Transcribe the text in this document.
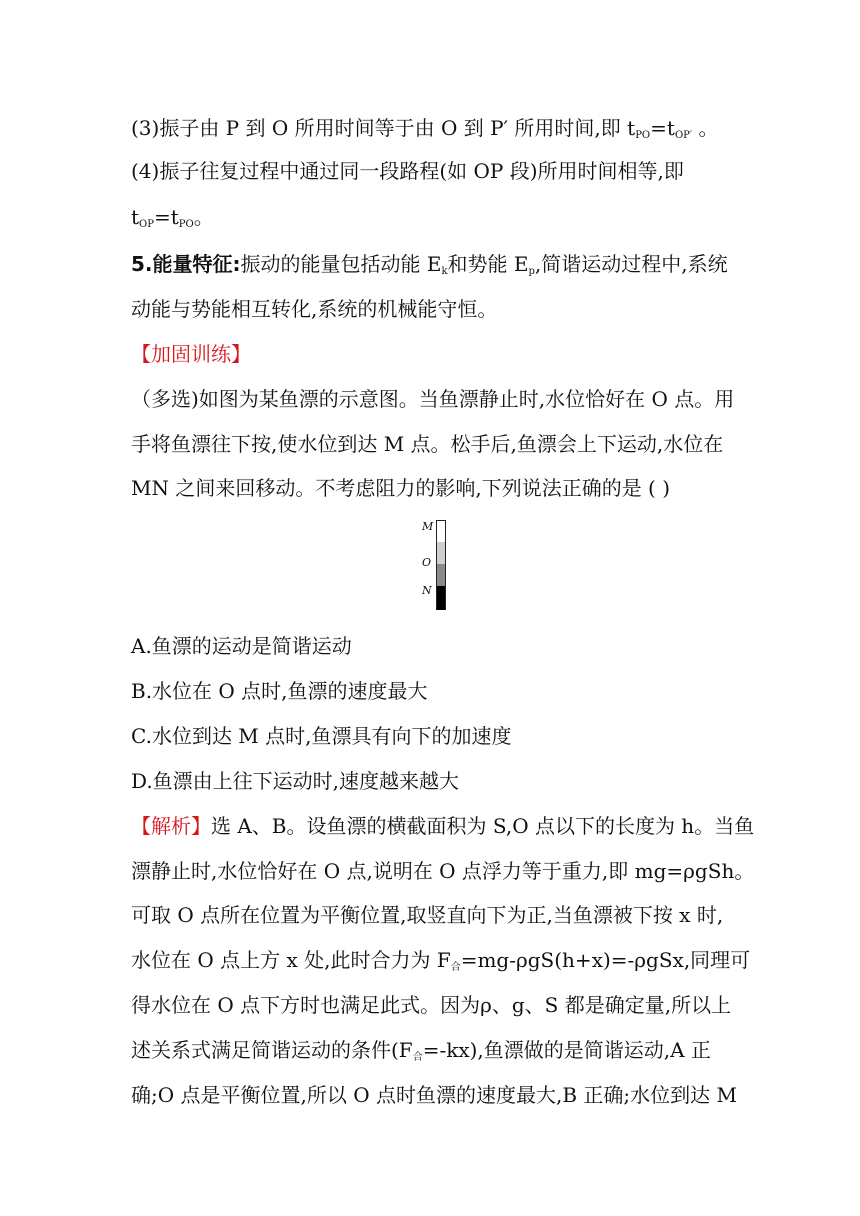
(3)振子由 P 到 O 所用时间等于由 O 到 P′ 所用时间,即 $t_{PO}=t_{OP'}$ 。
(4)振子往复过程中通过同一段路程(如 OP 段)所用时间相等,即
$t_{OP}=t_{PO}$。
5.能量特征:振动的能量包括动能 $E_k$和势能 $E_p$,简谐运动过程中,系统
动能与势能相互转化,系统的机械能守恒。
【加固训练】
（多选)如图为某鱼漂的示意图。当鱼漂静止时,水位恰好在 O 点。用
手将鱼漂往下按,使水位到达 M 点。松手后,鱼漂会上下运动,水位在
MN 之间来回移动。不考虑阻力的影响,下列说法正确的是 ( )
M
O
N
A.鱼漂的运动是简谐运动
B.水位在 O 点时,鱼漂的速度最大
C.水位到达 M 点时,鱼漂具有向下的加速度
D.鱼漂由上往下运动时,速度越来越大
【解析】选 A、B。设鱼漂的横截面积为 S,O 点以下的长度为 h。当鱼
漂静止时,水位恰好在 O 点,说明在 O 点浮力等于重力,即 mg=ρgSh。
可取 O 点所在位置为平衡位置,取竖直向下为正,当鱼漂被下按 x 时,
水位在 O 点上方 x 处,此时合力为 $F_合=mg-\rho gS(h+x)=$-ρgSx,同理可
得水位在 O 点下方时也满足此式。因为ρ、g、S 都是确定量,所以上
述关系式满足简谐运动的条件$(F_合=-kx)$,鱼漂做的是简谐运动,A 正
确;O 点是平衡位置,所以 O 点时鱼漂的速度最大,B 正确;水位到达 M
